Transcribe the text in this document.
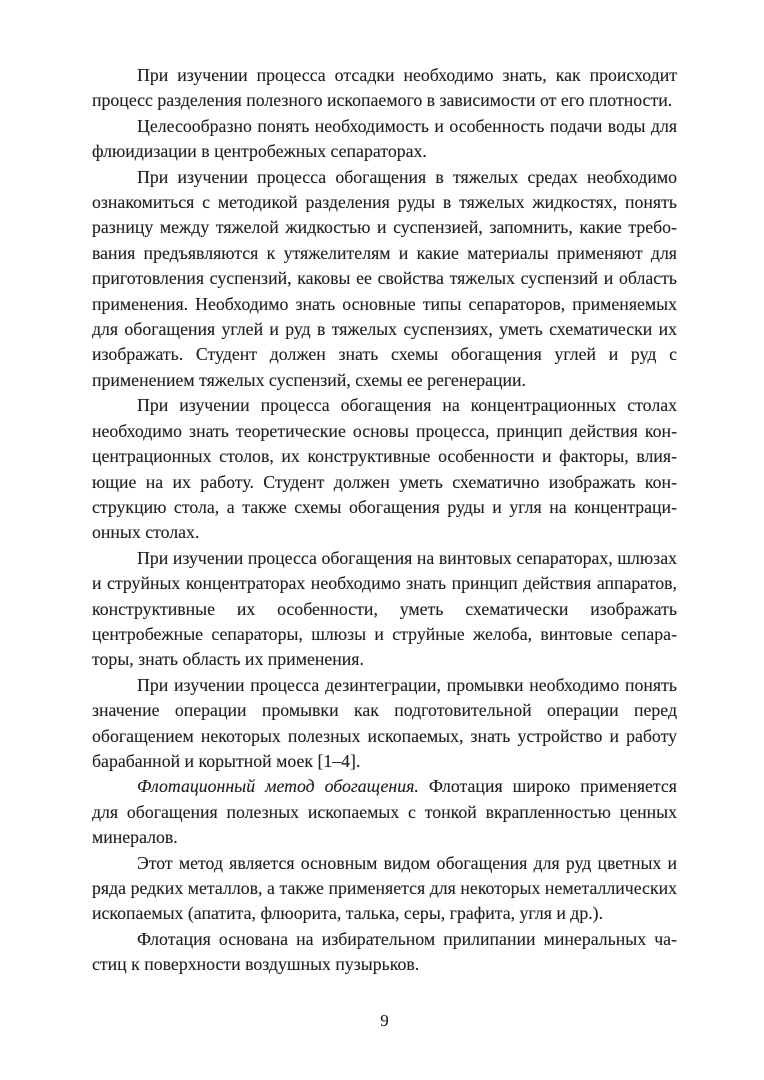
При изучении процесса отсадки необходимо знать, как происходит процесс разделения полезного ископаемого в зависимости от его плотности.

Целесообразно понять необходимость и особенность подачи воды для флюидизации в центробежных сепараторах.

При изучении процесса обогащения в тяжелых средах необходимо ознакомиться с методикой разделения руды в тяжелых жидкостях, понять разницу между тяжелой жидкостью и суспензией, запомнить, какие требования предъявляются к утяжелителям и какие материалы применяют для приготовления суспензий, каковы ее свойства тяжелых суспензий и область применения. Необходимо знать основные типы сепараторов, применяемых для обогащения углей и руд в тяжелых суспензиях, уметь схематически их изображать. Студент должен знать схемы обогащения углей и руд с применением тяжелых суспензий, схемы ее регенерации.

При изучении процесса обогащения на концентрационных столах необходимо знать теоретические основы процесса, принцип действия концентрационных столов, их конструктивные особенности и факторы, влияющие на их работу. Студент должен уметь схематично изображать конструкцию стола, а также схемы обогащения руды и угля на концентрационных столах.

При изучении процесса обогащения на винтовых сепараторах, шлюзах и струйных концентраторах необходимо знать принцип действия аппаратов, конструктивные их особенности, уметь схематически изображать центробежные сепараторы, шлюзы и струйные желоба, винтовые сепараторы, знать область их применения.

При изучении процесса дезинтеграции, промывки необходимо понять значение операции промывки как подготовительной операции перед обогащением некоторых полезных ископаемых, знать устройство и работу барабанной и корытной моек [1–4].

Флотационный метод обогащения. Флотация широко применяется для обогащения полезных ископаемых с тонкой вкрапленностью ценных минералов.

Этот метод является основным видом обогащения для руд цветных и ряда редких металлов, а также применяется для некоторых неметаллических ископаемых (апатита, флюорита, талька, серы, графита, угля и др.).

Флотация основана на избирательном прилипании минеральных частиц к поверхности воздушных пузырьков.

9
